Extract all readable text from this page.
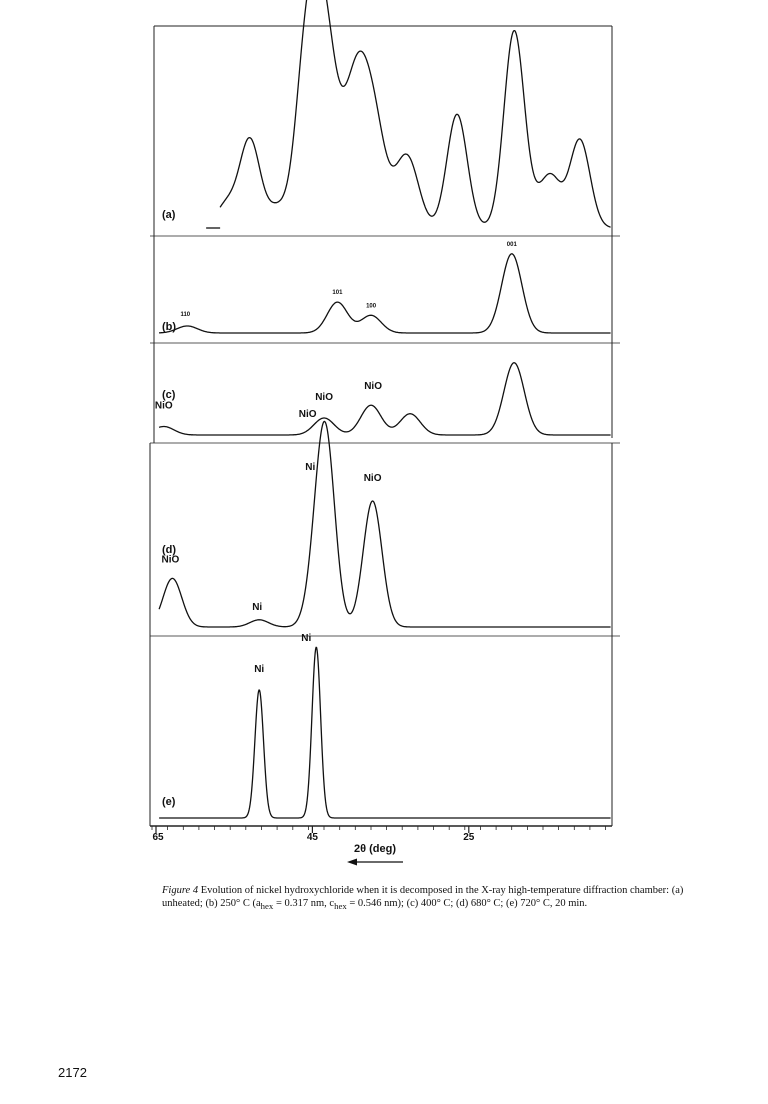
(a)
(b)
(c)
(d)
(e)
110
101
100
001
NiO
NiO
NiO
NiO
Ni
Ni
NiO
NiO
Ni
Ni
65	45	25
2θ (deg)
Figure 4 Evolution of nickel hydroxychloride when it is decomposed in the X-ray high-temperature diffraction chamber: (a) unheated; (b) 250° C ($a_{hex} = 0.317$ nm, $c_{hex} = 0.546$ nm); (c) 400° C; (d) 680° C; (e) 720° C, 20 min.
2172
